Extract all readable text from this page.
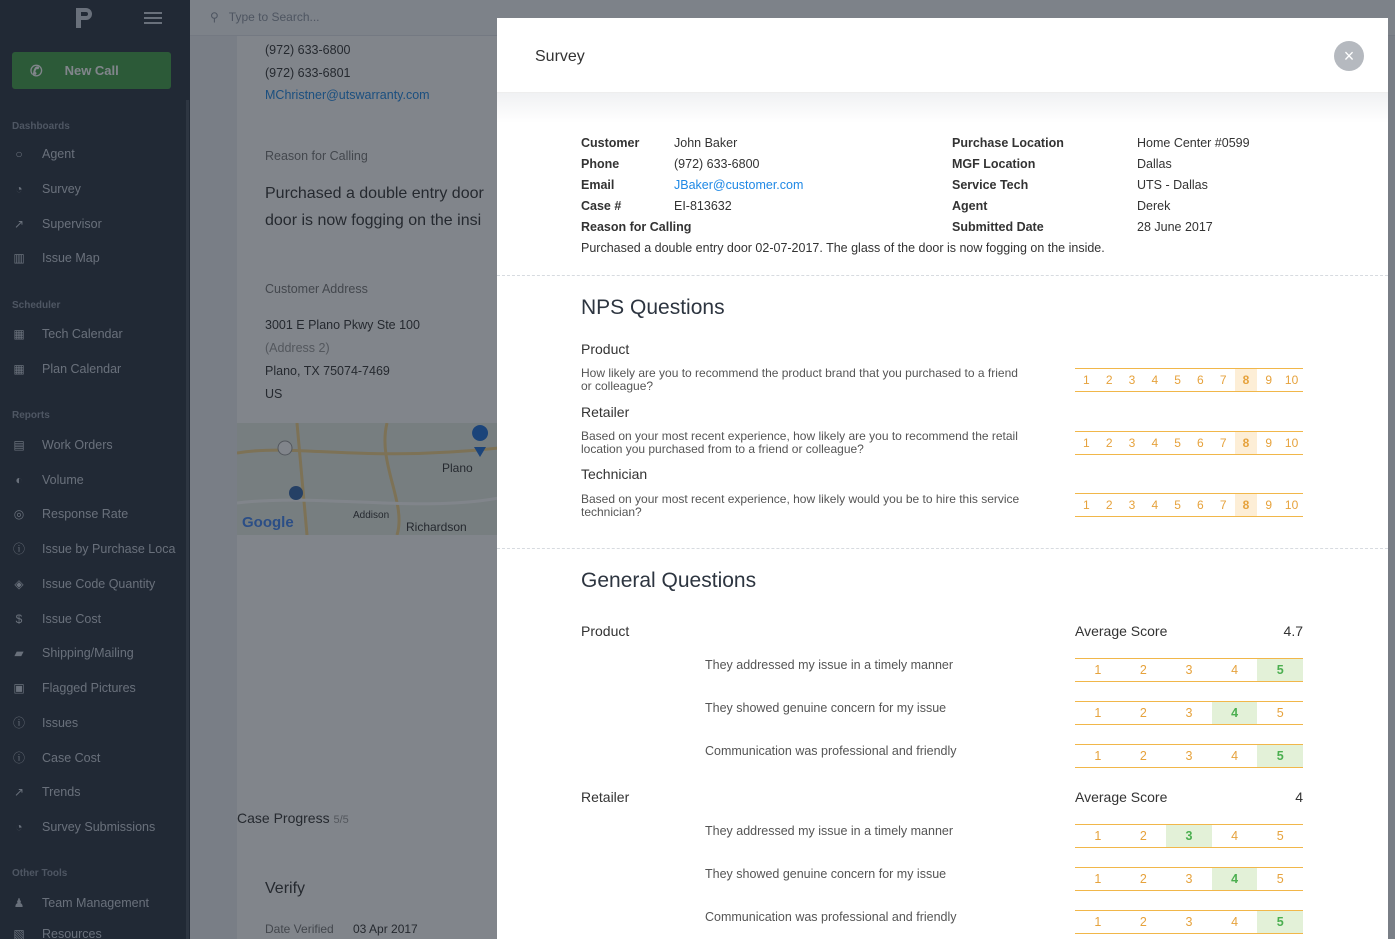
Survey	×
Customer	John Baker
Phone	(972) 633-6800
Email	JBaker@customer.com
Case #	EI-813632
Reason for Calling
Purchased a double entry door 02-07-2017. The glass of the door is now fogging on the inside.
Purchase Location	Home Center #0599
MGF Location	Dallas
Service Tech	UTS - Dallas
Agent	Derek
Submitted Date	28 June 2017
NPS Questions
Product
How likely are you to recommend the product brand that you purchased to a friend
or colleague?	1	2	3	4	5	6	7	8	9	10
Retailer
Based on your most recent experience, how likely are you to recommend the retail
location you purchased from to a friend or colleague?	1	2	3	4	5	6	7	8	9	10
Technician
Based on your most recent experience, how likely would you be to hire this service
technician?	1	2	3	4	5	6	7	8	9	10
General Questions
Product	Average Score	4.7
They addressed my issue in a timely manner	1	2	3	4	5
They showed genuine concern for my issue	1	2	3	4	5
Communication was professional and friendly	1	2	3	4	5
Retailer	Average Score	4
They addressed my issue in a timely manner	1	2	3	4	5
They showed genuine concern for my issue	1	2	3	4	5
Communication was professional and friendly	1	2	3	4	5
